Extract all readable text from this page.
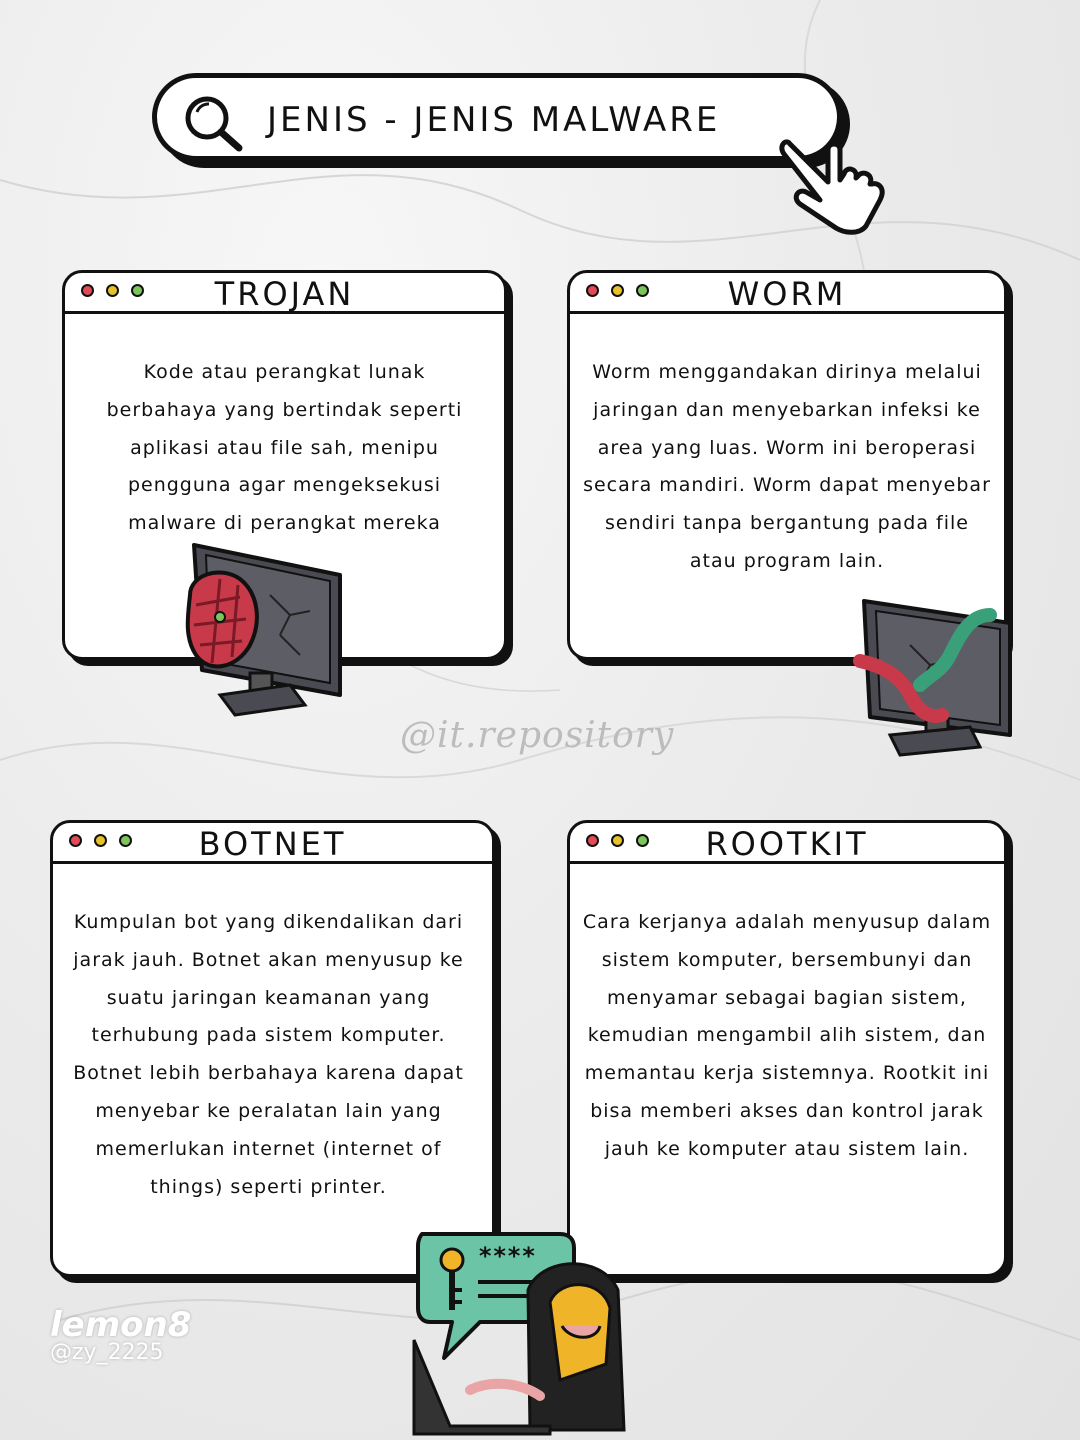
JENIS - JENIS MALWARE
TROJAN
Kode atau perangkat lunak berbahaya yang bertindak seperti aplikasi atau file sah, menipu pengguna agar mengeksekusi malware di perangkat mereka
WORM
Worm menggandakan dirinya melalui jaringan dan menyebarkan infeksi ke area yang luas. Worm ini beroperasi secara mandiri. Worm dapat menyebar sendiri tanpa bergantung pada file atau program lain.
BOTNET
Kumpulan bot yang dikendalikan dari jarak jauh. Botnet akan menyusup ke suatu jaringan keamanan yang terhubung pada sistem komputer. Botnet lebih berbahaya karena dapat menyebar ke peralatan lain yang memerlukan internet (internet of things) seperti printer.
ROOTKIT
Cara kerjanya adalah menyusup dalam sistem komputer, bersembunyi dan menyamar sebagai bagian sistem, kemudian mengambil alih sistem, dan memantau kerja sistemnya. Rootkit ini bisa memberi akses dan kontrol jarak jauh ke komputer atau sistem lain.
@it.repository
****
lemon8
@zy_2225
